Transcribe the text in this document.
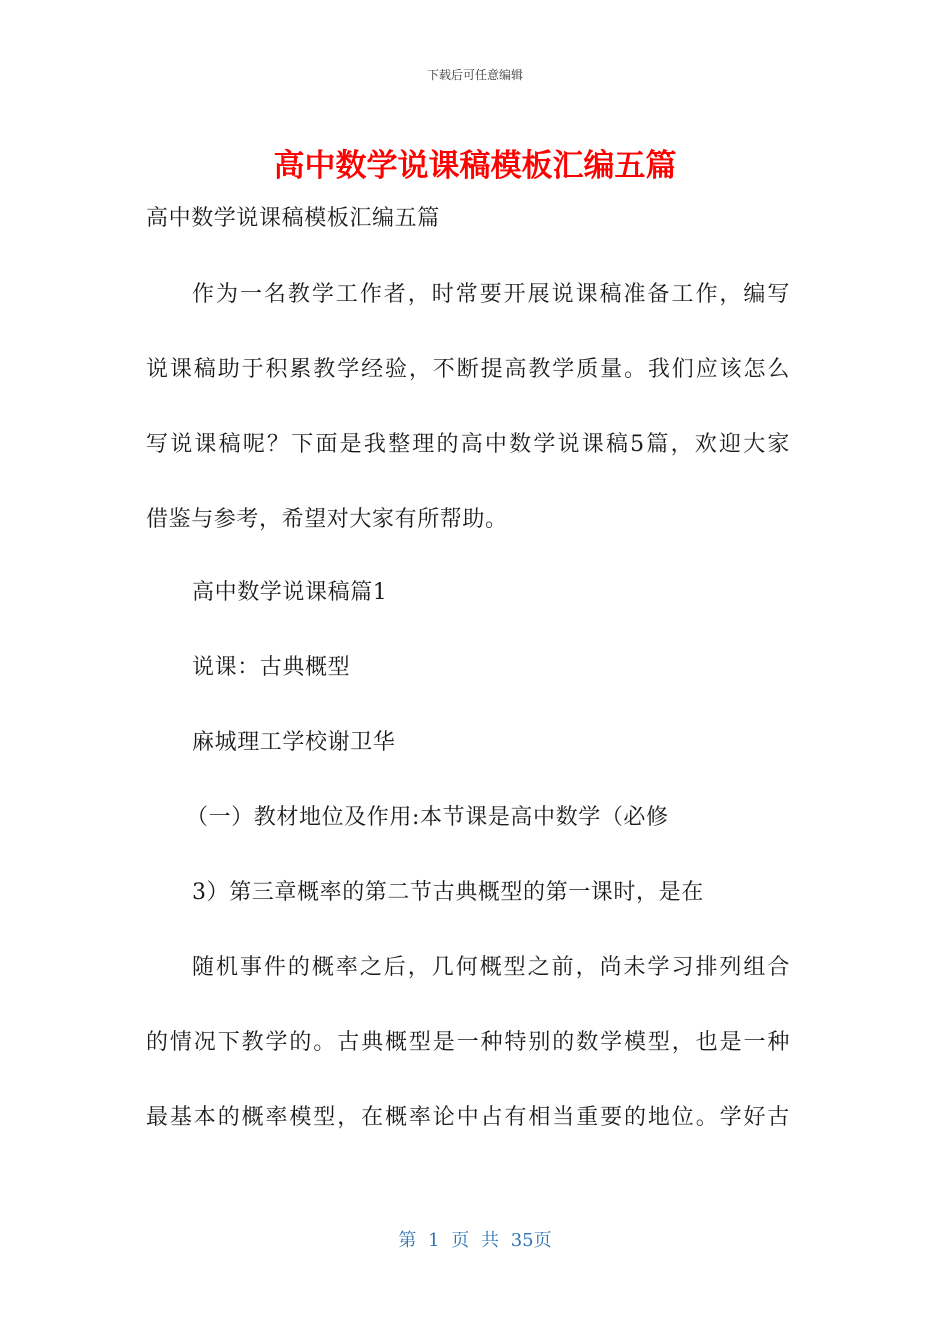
下载后可任意编辑
高中数学说课稿模板汇编五篇
高中数学说课稿模板汇编五篇
作为一名教学工作者，时常要开展说课稿准备工作，编写
说课稿助于积累教学经验，不断提高教学质量。我们应该怎么
写说课稿呢？下面是我整理的高中数学说课稿5篇，欢迎大家
借鉴与参考，希望对大家有所帮助。
高中数学说课稿篇1
说课：古典概型
麻城理工学校谢卫华
（一）教材地位及作用:本节课是高中数学（必修
3）第三章概率的第二节古典概型的第一课时，是在
随机事件的概率之后，几何概型之前，尚未学习排列组合
的情况下教学的。古典概型是一种特别的数学模型，也是一种
最基本的概率模型，在概率论中占有相当重要的地位。学好古
第 1 页 共 35页
